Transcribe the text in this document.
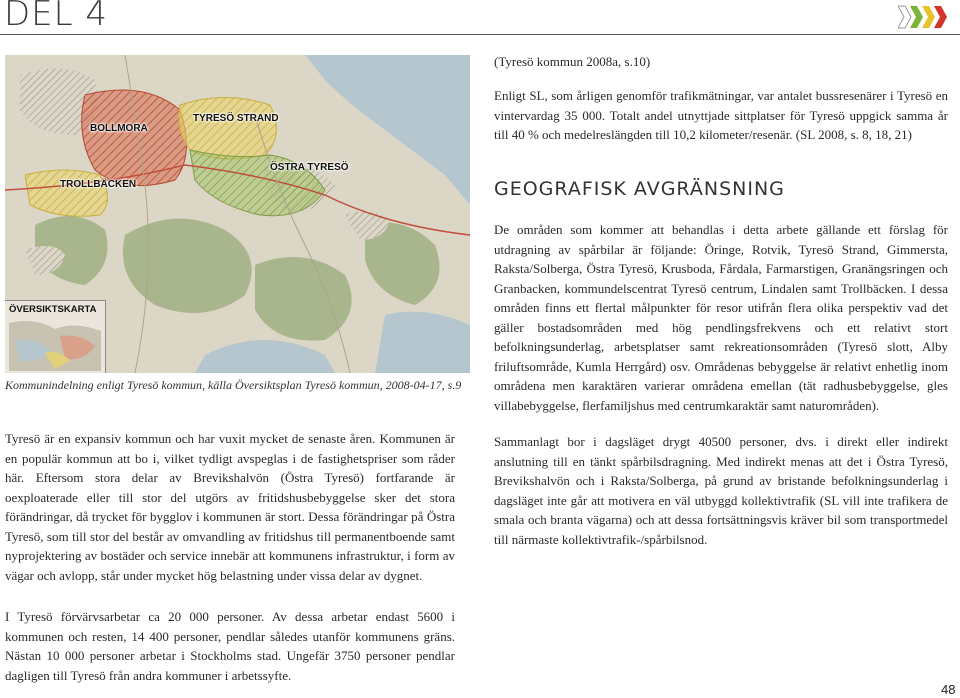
DEL 4
BOLLMORA
TYRESÖ STRAND
ÖSTRA TYRESÖ
TROLLBÄCKEN
ÖVERSIKTSKARTA
Kommunindelning enligt Tyresö kommun, källa Översiktsplan Tyresö kommun, 2008-04-17, s.9

Tyresö är en expansiv kommun och har vuxit mycket de senaste åren. Kommunen är en populär kommun att bo i, vilket tydligt avspeglas i de fastighetspriser som råder här. Eftersom stora delar av Brevikshalvön (Östra Tyresö) fortfarande är oexploaterade eller till stor del utgörs av fritidshusbebyggelse sker det stora förändringar, då trycket för bygglov i kommunen är stort. Dessa förändringar på Östra Tyresö, som till stor del består av omvandling av fritidshus till permanentboende samt nyprojektering av bostäder och service innebär att kommunens infrastruktur, i form av vägar och avlopp, står under mycket hög belastning under vissa delar av dygnet.

I Tyresö förvärvsarbetar ca 20 000 personer. Av dessa arbetar endast 5600 i kommunen och resten, 14 400 personer, pendlar således utanför kommunens gräns. Nästan 10 000 personer arbetar i Stockholms stad. Ungefär 3750 personer pendlar dagligen till Tyresö från andra kommuner i arbetssyfte.

(Tyresö kommun 2008a, s.10)

Enligt SL, som årligen genomför trafikmätningar, var antalet bussresenärer i Tyresö en vintervardag 35 000. Totalt andel utnyttjade sittplatser för Tyresö uppgick samma år till 40 % och medelreslängden till 10,2 kilometer/resenär. (SL 2008, s. 8, 18, 21)

GEOGRAFISK AVGRÄNSNING

De områden som kommer att behandlas i detta arbete gällande ett förslag för utdragning av spårbilar är följande: Öringe, Rotvik, Tyresö Strand, Gimmersta, Raksta/Solberga, Östra Tyresö, Krusboda, Fårdala, Farmarstigen, Granängsringen och Granbacken, kommundelscentrat Tyresö centrum, Lindalen samt Trollbäcken. I dessa områden finns ett flertal målpunkter för resor utifrån flera olika perspektiv vad det gäller bostadsområden med hög pendlingsfrekvens och ett relativt stort befolkningsunderlag, arbetsplatser samt rekreationsområden (Tyresö slott, Alby friluftsområde, Kumla Herrgård) osv. Områdenas bebyggelse är relativt enhetlig inom områdena men karaktären varierar områdena emellan (tät radhusbebyggelse, gles villabebyggelse, flerfamiljshus med centrumkaraktär samt naturområden).

Sammanlagt bor i dagsläget drygt 40500 personer, dvs. i direkt eller indirekt anslutning till en tänkt spårbilsdragning. Med indirekt menas att det i Östra Tyresö, Brevikshalvön och i Raksta/Solberga, på grund av bristande befolkningsunderlag i dagsläget inte går att motivera en väl utbyggd kollektivtrafik (SL vill inte trafikera de smala och branta vägarna) och att dessa fortsättningsvis kräver bil som transportmedel till närmaste kollektivtrafik-/spårbilsnod.

48
